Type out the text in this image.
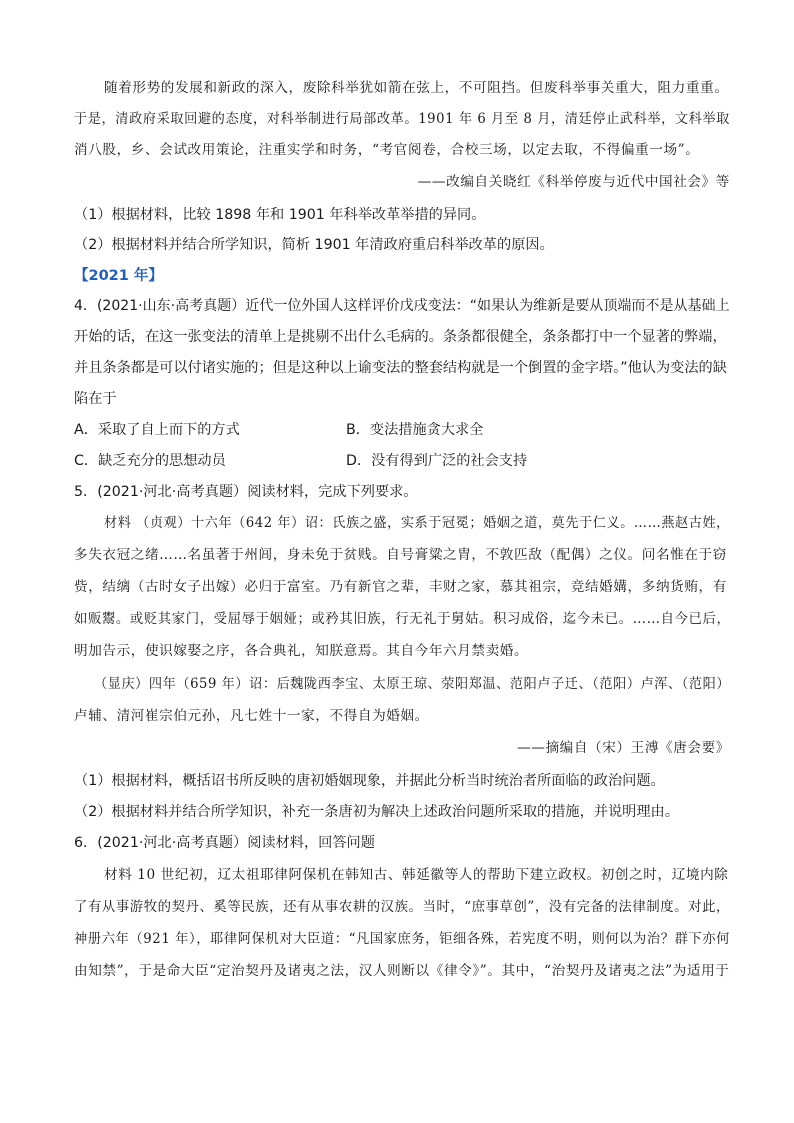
随着形势的发展和新政的深入，废除科举犹如箭在弦上，不可阻挡。但废科举事关重大，阻力重重。
于是，清政府采取回避的态度，对科举制进行局部改革。1901 年 6 月至 8 月，清廷停止武科举，文科举取
消八股，乡、会试改用策论，注重实学和时务，“考官阅卷，合校三场，以定去取，不得偏重一场”。
——改编自关晓红《科举停废与近代中国社会》等
（1）根据材料，比较 1898 年和 1901 年科举改革举措的异同。
（2）根据材料并结合所学知识，简析 1901 年清政府重启科举改革的原因。
【2021 年】
4．(2021·山东·高考真题）近代一位外国人这样评价戊戌变法：“如果认为维新是要从顶端而不是从基础上
开始的话，在这一张变法的清单上是挑剔不出什么毛病的。条条都很健全，条条都打中一个显著的弊端，
并且条条都是可以付诸实施的；但是这种以上谕变法的整套结构就是一个倒置的金字塔。”他认为变法的缺
陷在于
A．采取了自上而下的方式	B．变法措施贪大求全
C．缺乏充分的思想动员	D．没有得到广泛的社会支持
5．(2021·河北·高考真题）阅读材料，完成下列要求。
材料 （贞观）十六年（642 年）诏：氏族之盛，实系于冠冕；婚姻之道，莫先于仁义。……燕赵古姓，
多失衣冠之绪……名虽著于州闾，身未免于贫贱。自号膏粱之胄，不敦匹敌（配偶）之仪。问名惟在于窃
赀，结缡（古时女子出嫁）必归于富室。乃有新官之辈，丰财之家，慕其祖宗，竞结婚媾，多纳货贿，有
如贩鬻。或贬其家门，受屈辱于姻娅；或矜其旧族，行无礼于舅姑。积习成俗，迄今未已。……自今已后，
明加告示，使识嫁娶之序，各合典礼，知朕意焉。其自今年六月禁卖婚。
（显庆）四年（659 年）诏：后魏陇西李宝、太原王琼、荥阳郑温、范阳卢子迁、（范阳）卢浑、（范阳）
卢辅、清河崔宗伯元孙，凡七姓十一家，不得自为婚姻。
——摘编自（宋）王溥《唐会要》
（1）根据材料，概括诏书所反映的唐初婚姻现象，并据此分析当时统治者所面临的政治问题。
（2）根据材料并结合所学知识，补充一条唐初为解决上述政治问题所采取的措施，并说明理由。
6．(2021·河北·高考真题）阅读材料，回答问题
材料 10 世纪初，辽太祖耶律阿保机在韩知古、韩延徽等人的帮助下建立政权。初创之时，辽境内除
了有从事游牧的契丹、奚等民族，还有从事农耕的汉族。当时，“庶事草创”，没有完备的法律制度。对此，
神册六年（921 年），耶律阿保机对大臣道：“凡国家庶务，钜细各殊，若宪度不明，则何以为治？群下亦何
由知禁”，于是命大臣“定治契丹及诸夷之法，汉人则断以《律令》”。其中，“治契丹及诸夷之法”为适用于
